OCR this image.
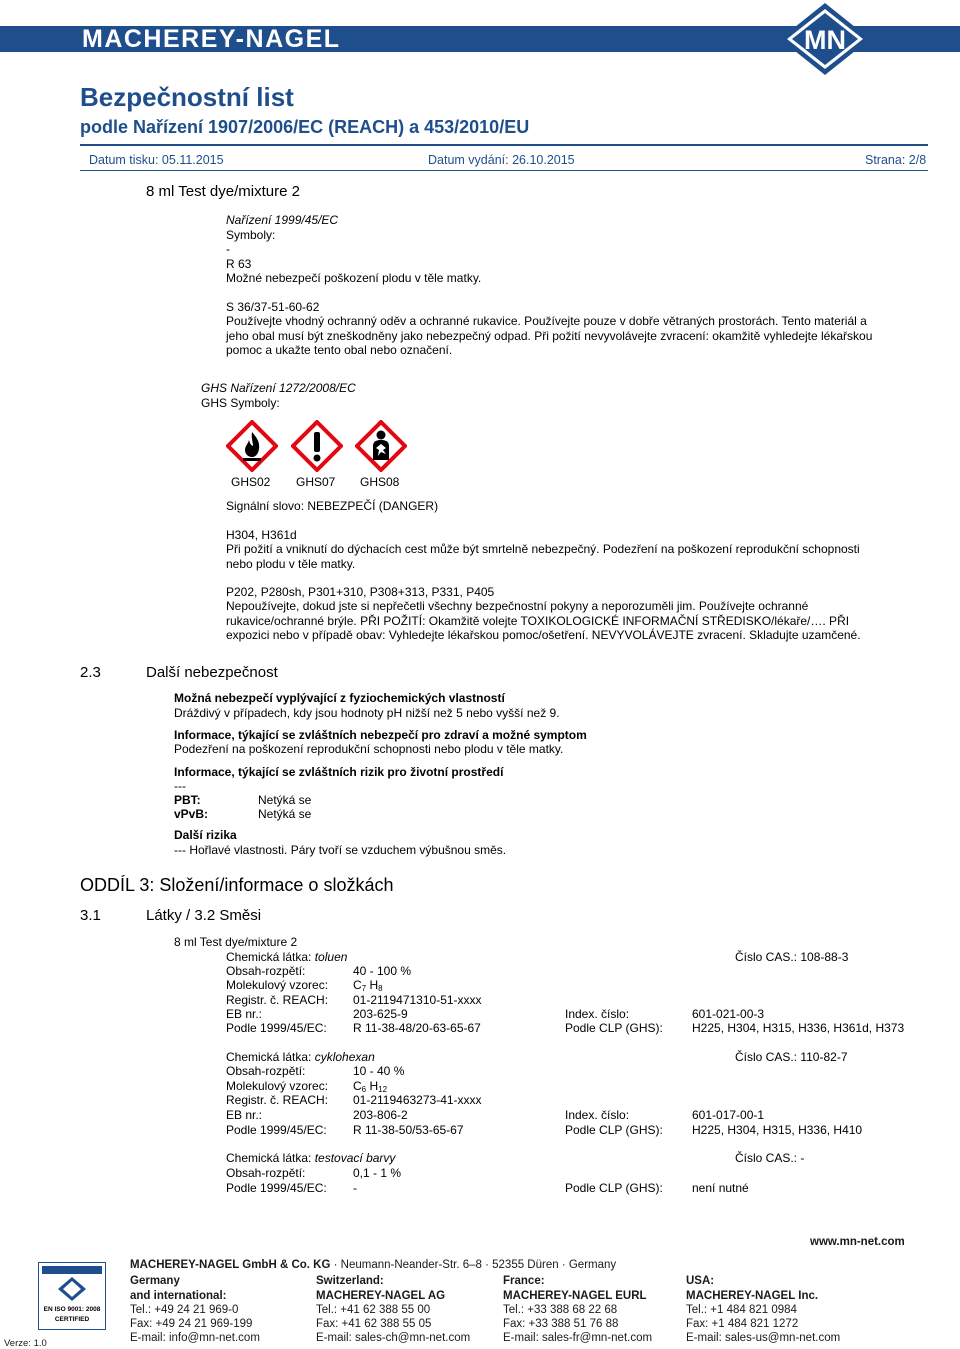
MACHEREY-NAGEL	MN
Bezpečnostní list
podle Nařízení 1907/2006/EC (REACH) a 453/2010/EU
Datum tisku: 05.11.2015	Datum vydání: 26.10.2015	Strana: 2/8
8 ml Test dye/mixture 2
Nařízení 1999/45/EC
Symboly:
-
R 63
Možné nebezpečí poškození plodu v těle matky.
S 36/37-51-60-62
Používejte vhodný ochranný oděv a ochranné rukavice. Používejte pouze v dobře větraných prostorách. Tento materiál a
jeho obal musí být zneškodněny jako nebezpečný odpad. Při požití nevyvolávejte zvracení: okamžitě vyhledejte lékařskou
pomoc a ukažte tento obal nebo označení.
GHS Nařízení 1272/2008/EC
GHS Symboly:
GHS02 GHS07 GHS08
Signální slovo: NEBEZPEČÍ (DANGER)
H304, H361d
Při požití a vniknutí do dýchacích cest může být smrtelně nebezpečný. Podezření na poškození reprodukční schopnosti
nebo plodu v těle matky.
P202, P280sh, P301+310, P308+313, P331, P405
Nepoužívejte, dokud jste si nepřečetli všechny bezpečnostní pokyny a neporozuměli jim. Používejte ochranné
rukavice/ochranné brýle. PŘI POŽITÍ: Okamžitě volejte TOXIKOLOGICKÉ INFORMAČNÍ STŘEDISKO/lékaře/…. PŘI
expozici nebo v případě obav: Vyhledejte lékařskou pomoc/ošetření. NEVYVOLÁVEJTE zvracení. Skladujte uzamčené.
2.3	Další nebezpečnost
Možná nebezpečí vyplývající z fyziochemických vlastností
Dráždivý v případech, kdy jsou hodnoty pH nižší než 5 nebo vyšší než 9.
Informace, týkající se zvláštních nebezpečí pro zdraví a možné symptom
Podezření na poškození reprodukční schopnosti nebo plodu v těle matky.
Informace, týkající se zvláštních rizik pro životní prostředí
---
PBT:	Netýká se
vPvB:	Netýká se
Další rizika
--- Hořlavé vlastnosti. Páry tvoří se vzduchem výbušnou směs.
ODDÍL 3: Složení/informace o složkách
3.1	Látky / 3.2 Směsi
8 ml Test dye/mixture 2
Chemická látka: toluen	Číslo CAS.: 108-88-3
Obsah-rozpětí:	40 - 100 %
Molekulový vzorec: $C_7$ $H_8$
Registr. č. REACH: 01-2119471310-51-xxxx
EB nr.:	203-625-9	Index. číslo:	601-021-00-3
Podle 1999/45/EC: R 11-38-48/20-63-65-67	Podle CLP (GHS): H225, H304, H315, H336, H361d, H373
Chemická látka: cyklohexan	Číslo CAS.: 110-82-7
Obsah-rozpětí:	10 - 40 %
Molekulový vzorec: $C_6$ $H_{12}$
Registr. č. REACH: 01-2119463273-41-xxxx
EB nr.:	203-806-2	Index. číslo:	601-017-00-1
Podle 1999/45/EC: R 11-38-50/53-65-67	Podle CLP (GHS): H225, H304, H315, H336, H410
Chemická látka: testovací barvy	Číslo CAS.: -
Obsah-rozpětí:	0,1 - 1 %
Podle 1999/45/EC: -	Podle CLP (GHS): není nutné
MACHEREY-NAGEL GmbH & Co. KG · Neumann-Neander-Str. 6–8 · 52355 Düren · Germany
www.mn-net.com
EN ISO 9001: 2008
CERTIFIED
Verze: 1.0
Germany
and international:
Tel.: +49 24 21 969-0
Fax: +49 24 21 969-199
E-mail: info@mn-net.com
Switzerland:
MACHEREY-NAGEL AG
Tel.: +41 62 388 55 00
Fax: +41 62 388 55 05
E-mail: sales-ch@mn-net.com
France:
MACHEREY-NAGEL EURL
Tel.: +33 388 68 22 68
Fax: +33 388 51 76 88
E-mail: sales-fr@mn-net.com
USA:
MACHEREY-NAGEL Inc.
Tel.: +1 484 821 0984
Fax: +1 484 821 1272
E-mail: sales-us@mn-net.com
